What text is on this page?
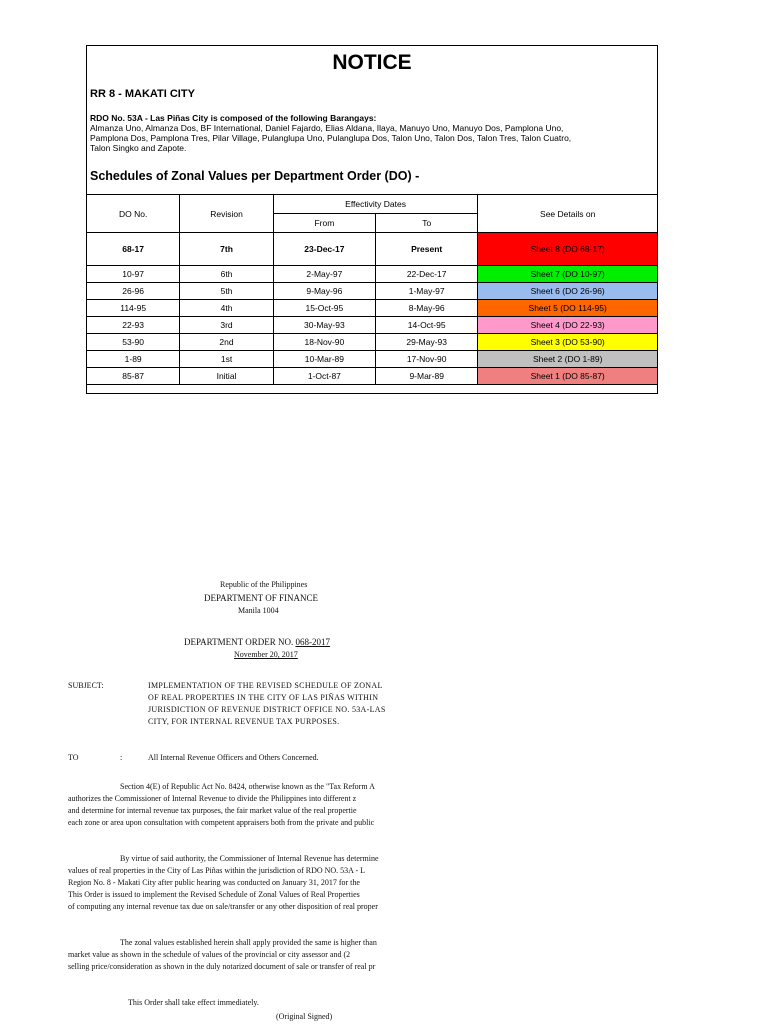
NOTICE
RR 8 - MAKATI CITY
RDO No. 53A - Las Piñas City is composed of the following Barangays:
Almanza Uno, Almanza Dos, BF International, Daniel Fajardo, Elias Aldana, Ilaya, Manuyo Uno, Manuyo Dos, Pamplona Uno,
Pamplona Dos, Pamplona Tres, Pilar Village, Pulanglupa Uno, Pulanglupa Dos, Talon Uno, Talon Dos, Talon Tres, Talon Cuatro,
Talon Singko and Zapote.
Schedules of Zonal Values per Department Order (DO) -
DO No.	Revision	Effectivity Dates		See Details on
		From	To	
68-17	7th	23-Dec-17	Present	Sheet 8 (DO 68-17)
10-97	6th	2-May-97	22-Dec-17	Sheet 7 (DO 10-97)
26-96	5th	9-May-96	1-May-97	Sheet 6 (DO 26-96)
114-95	4th	15-Oct-95	8-May-96	Sheet 5 (DO 114-95)
22-93	3rd	30-May-93	14-Oct-95	Sheet 4 (DO 22-93)
53-90	2nd	18-Nov-90	29-May-93	Sheet 3 (DO 53-90)
1-89	1st	10-Mar-89	17-Nov-90	Sheet 2 (DO 1-89)
85-87	Initial	1-Oct-87	9-Mar-89	Sheet 1 (DO 85-87)
Republic of the Philippines
DEPARTMENT OF FINANCE
Manila 1004
DEPARTMENT ORDER NO. 068-2017
November 20, 2017
SUBJECT:	IMPLEMENTATION OF THE REVISED SCHEDULE OF ZONAL
OF REAL PROPERTIES IN THE CITY OF LAS PIÑAS WITHIN
JURISDICTION OF REVENUE DISTRICT OFFICE NO. 53A-LAS
CITY, FOR INTERNAL REVENUE TAX PURPOSES.
TO	:	All Internal Revenue Officers and Others Concerned.
Section 4(E) of Republic Act No. 8424, otherwise known as the "Tax Reform A
authorizes the Commissioner of Internal Revenue to divide the Philippines into different z
and determine for internal revenue tax purposes, the fair market value of the real propertie
each zone or area upon consultation with competent appraisers both from the private and public
By virtue of said authority, the Commissioner of Internal Revenue has determine
values of real properties in the City of Las Piñas within the jurisdiction of RDO NO. 53A - L
Region No. 8 - Makati City after public hearing was conducted on January 31, 2017 for the
This Order is issued to implement the Revised Schedule of Zonal Values of Real Properties
of computing any internal revenue tax due on sale/transfer or any other disposition of real proper
The zonal values established herein shall apply provided the same is higher than
market value as shown in the schedule of values of the provincial or city assessor and (2
selling price/consideration as shown in the duly notarized document of sale or transfer of real pr
This Order shall take effect immediately.
(Original Signed)
